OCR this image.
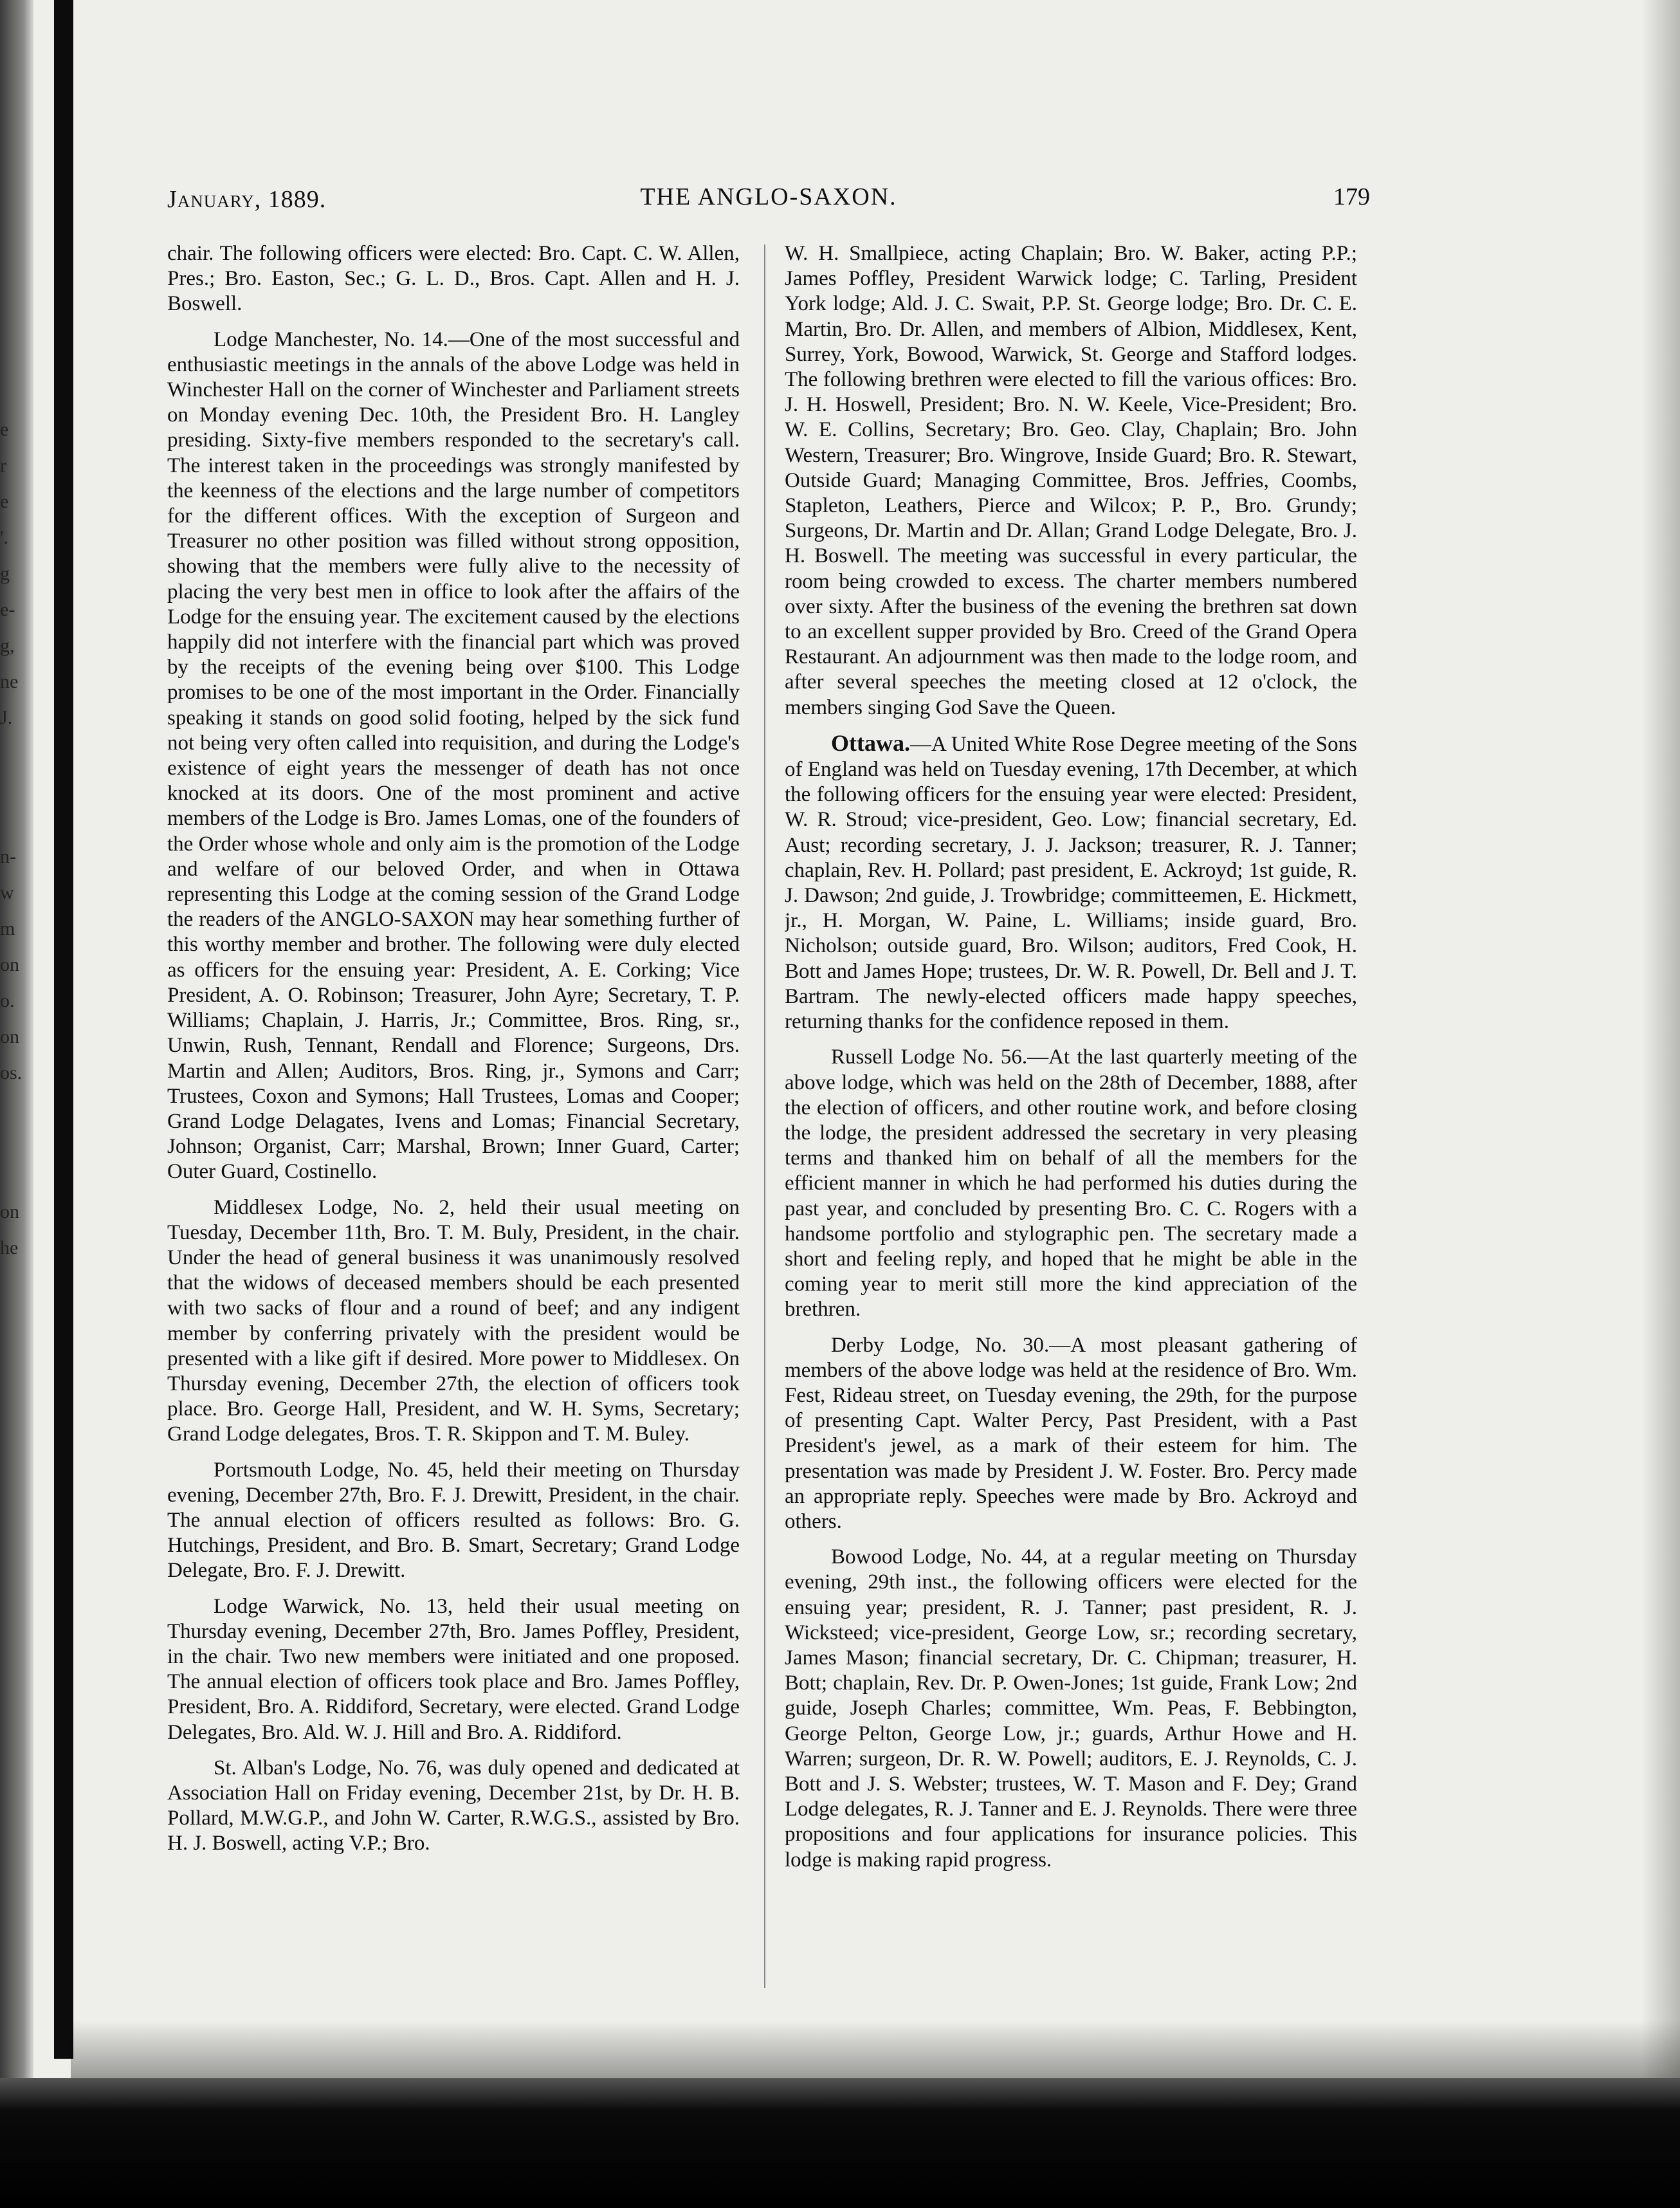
e
r
e
'.
g
e-
g,
ne
J.
n-
w
m
on
o.
on
os.
on
he
January, 1889.	THE ANGLO-SAXON.	179

chair. The following officers were elected: Bro. Capt. C. W. Allen, Pres.; Bro. Easton, Sec.; G. L. D., Bros. Capt. Allen and H. J. Boswell.

Lodge Manchester, No. 14.—One of the most successful and enthusiastic meetings in the annals of the above Lodge was held in Winchester Hall on the corner of Winchester and Parliament streets on Monday evening Dec. 10th, the President Bro. H. Langley presiding. Sixty-five members responded to the secretary's call. The interest taken in the proceedings was strongly manifested by the keenness of the elections and the large number of competitors for the different offices. With the exception of Surgeon and Treasurer no other position was filled without strong opposition, showing that the members were fully alive to the necessity of placing the very best men in office to look after the affairs of the Lodge for the ensuing year. The excitement caused by the elections happily did not interfere with the financial part which was proved by the receipts of the evening being over $100. This Lodge promises to be one of the most important in the Order. Financially speaking it stands on good solid footing, helped by the sick fund not being very often called into requisition, and during the Lodge's existence of eight years the messenger of death has not once knocked at its doors. One of the most prominent and active members of the Lodge is Bro. James Lomas, one of the founders of the Order whose whole and only aim is the promotion of the Lodge and welfare of our beloved Order, and when in Ottawa representing this Lodge at the coming session of the Grand Lodge the readers of the ANGLO-SAXON may hear something further of this worthy member and brother. The following were duly elected as officers for the ensuing year: President, A. E. Corking; Vice President, A. O. Robinson; Treasurer, John Ayre; Secretary, T. P. Williams; Chaplain, J. Harris, Jr.; Committee, Bros. Ring, sr., Unwin, Rush, Tennant, Rendall and Florence; Surgeons, Drs. Martin and Allen; Auditors, Bros. Ring, jr., Symons and Carr; Trustees, Coxon and Symons; Hall Trustees, Lomas and Cooper; Grand Lodge Delagates, Ivens and Lomas; Financial Secretary, Johnson; Organist, Carr; Marshal, Brown; Inner Guard, Carter; Outer Guard, Costinello.

Middlesex Lodge, No. 2, held their usual meeting on Tuesday, December 11th, Bro. T. M. Buly, President, in the chair. Under the head of general business it was unanimously resolved that the widows of deceased members should be each presented with two sacks of flour and a round of beef; and any indigent member by conferring privately with the president would be presented with a like gift if desired. More power to Middlesex. On Thursday evening, December 27th, the election of officers took place. Bro. George Hall, President, and W. H. Syms, Secretary; Grand Lodge delegates, Bros. T. R. Skippon and T. M. Buley.

Portsmouth Lodge, No. 45, held their meeting on Thursday evening, December 27th, Bro. F. J. Drewitt, President, in the chair. The annual election of officers resulted as follows: Bro. G. Hutchings, President, and Bro. B. Smart, Secretary; Grand Lodge Delegate, Bro. F. J. Drewitt.

Lodge Warwick, No. 13, held their usual meeting on Thursday evening, December 27th, Bro. James Poffley, President, in the chair. Two new members were initiated and one proposed. The annual election of officers took place and Bro. James Poffley, President, Bro. A. Riddiford, Secretary, were elected. Grand Lodge Delegates, Bro. Ald. W. J. Hill and Bro. A. Riddiford.

St. Alban's Lodge, No. 76, was duly opened and dedicated at Association Hall on Friday evening, December 21st, by Dr. H. B. Pollard, M.W.G.P., and John W. Carter, R.W.G.S., assisted by Bro. H. J. Boswell, acting V.P.; Bro.

W. H. Smallpiece, acting Chaplain; Bro. W. Baker, acting P.P.; James Poffley, President Warwick lodge; C. Tarling, President York lodge; Ald. J. C. Swait, P.P. St. George lodge; Bro. Dr. C. E. Martin, Bro. Dr. Allen, and members of Albion, Middlesex, Kent, Surrey, York, Bowood, Warwick, St. George and Stafford lodges. The following brethren were elected to fill the various offices: Bro. J. H. Hoswell, President; Bro. N. W. Keele, Vice-President; Bro. W. E. Collins, Secretary; Bro. Geo. Clay, Chaplain; Bro. John Western, Treasurer; Bro. Wingrove, Inside Guard; Bro. R. Stewart, Outside Guard; Managing Committee, Bros. Jeffries, Coombs, Stapleton, Leathers, Pierce and Wilcox; P. P., Bro. Grundy; Surgeons, Dr. Martin and Dr. Allan; Grand Lodge Delegate, Bro. J. H. Boswell. The meeting was successful in every particular, the room being crowded to excess. The charter members numbered over sixty. After the business of the evening the brethren sat down to an excellent supper provided by Bro. Creed of the Grand Opera Restaurant. An adjournment was then made to the lodge room, and after several speeches the meeting closed at 12 o'clock, the members singing God Save the Queen.

Ottawa.—A United White Rose Degree meeting of the Sons of England was held on Tuesday evening, 17th December, at which the following officers for the ensuing year were elected: President, W. R. Stroud; vice-president, Geo. Low; financial secretary, Ed. Aust; recording secretary, J. J. Jackson; treasurer, R. J. Tanner; chaplain, Rev. H. Pollard; past president, E. Ackroyd; 1st guide, R. J. Dawson; 2nd guide, J. Trowbridge; committeemen, E. Hickmett, jr., H. Morgan, W. Paine, L. Williams; inside guard, Bro. Nicholson; outside guard, Bro. Wilson; auditors, Fred Cook, H. Bott and James Hope; trustees, Dr. W. R. Powell, Dr. Bell and J. T. Bartram. The newly-elected officers made happy speeches, returning thanks for the confidence reposed in them.

Russell Lodge No. 56.—At the last quarterly meeting of the above lodge, which was held on the 28th of December, 1888, after the election of officers, and other routine work, and before closing the lodge, the president addressed the secretary in very pleasing terms and thanked him on behalf of all the members for the efficient manner in which he had performed his duties during the past year, and concluded by presenting Bro. C. C. Rogers with a handsome portfolio and stylographic pen. The secretary made a short and feeling reply, and hoped that he might be able in the coming year to merit still more the kind appreciation of the brethren.

Derby Lodge, No. 30.—A most pleasant gathering of members of the above lodge was held at the residence of Bro. Wm. Fest, Rideau street, on Tuesday evening, the 29th, for the purpose of presenting Capt. Walter Percy, Past President, with a Past President's jewel, as a mark of their esteem for him. The presentation was made by President J. W. Foster. Bro. Percy made an appropriate reply. Speeches were made by Bro. Ackroyd and others.

Bowood Lodge, No. 44, at a regular meeting on Thursday evening, 29th inst., the following officers were elected for the ensuing year; president, R. J. Tanner; past president, R. J. Wicksteed; vice-president, George Low, sr.; recording secretary, James Mason; financial secretary, Dr. C. Chipman; treasurer, H. Bott; chaplain, Rev. Dr. P. Owen-Jones; 1st guide, Frank Low; 2nd guide, Joseph Charles; committee, Wm. Peas, F. Bebbington, George Pelton, George Low, jr.; guards, Arthur Howe and H. Warren; surgeon, Dr. R. W. Powell; auditors, E. J. Reynolds, C. J. Bott and J. S. Webster; trustees, W. T. Mason and F. Dey; Grand Lodge delegates, R. J. Tanner and E. J. Reynolds. There were three propositions and four applications for insurance policies. This lodge is making rapid progress.
